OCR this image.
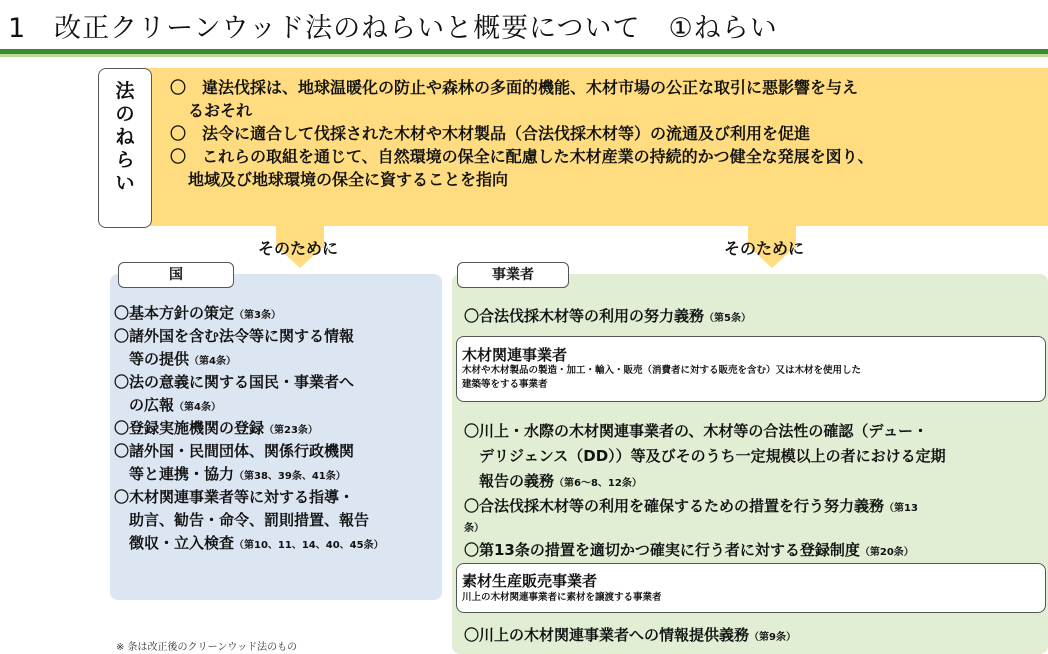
1　改正クリーンウッド法のねらいと概要について　①ねらい
法のねらい
〇　違法伐採は、地球温暖化の防止や森林の多面的機能、木材市場の公正な取引に悪影響を与え
るおそれ
〇　法令に適合して伐採された木材や木材製品（合法伐採木材等）の流通及び利用を促進
〇　これらの取組を通じて、自然環境の保全に配慮した木材産業の持続的かつ健全な発展を図り、
地域及び地球環境の保全に資することを指向
そのために	そのために
国
〇基本方針の策定（第3条）
〇諸外国を含む法令等に関する情報
　等の提供（第4条）
〇法の意義に関する国民・事業者へ
　の広報（第4条）
〇登録実施機関の登録（第23条）
〇諸外国・民間団体、関係行政機関
　等と連携・協力（第38、39条、41条）
〇木材関連事業者等に対する指導・
　助言、勧告・命令、罰則措置、報告
　徴収・立入検査（第10、11、14、40、45条）
事業者
〇合法伐採木材等の利用の努力義務（第5条）
木材関連事業者
木材や木材製品の製造・加工・輸入・販売（消費者に対する販売を含む）又は木材を使用した
建築等をする事業者
〇川上・水際の木材関連事業者の、木材等の合法性の確認（デュー・
　デリジェンス（DD））等及びそのうち一定規模以上の者における定期
　報告の義務（第6～8、12条）
〇合法伐採木材等の利用を確保するための措置を行う努力義務（第13
条）
〇第13条の措置を適切かつ確実に行う者に対する登録制度（第20条）
素材生産販売事業者
川上の木材関連事業者に素材を譲渡する事業者
〇川上の木材関連事業者への情報提供義務（第9条）
※ 条は改正後のクリーンウッド法のもの
